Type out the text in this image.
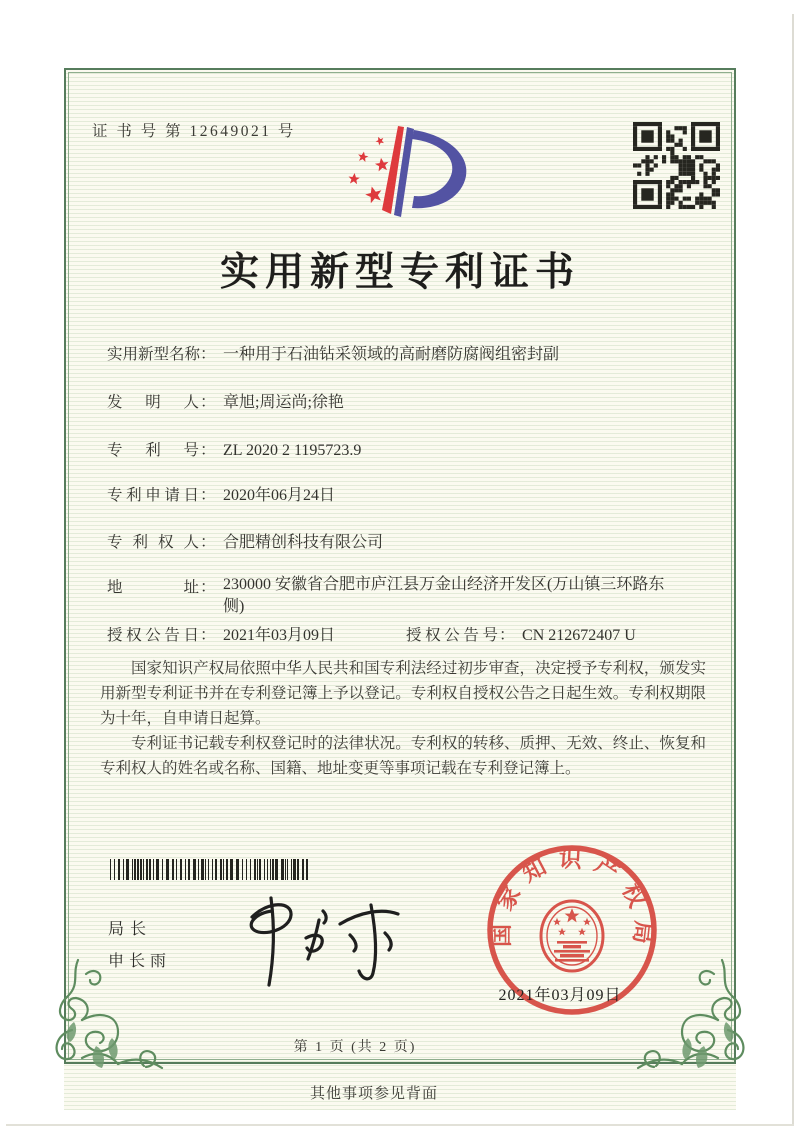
证 书 号 第 12649021 号
实用新型专利证书
实用新型名称： 一种用于石油钻采领域的高耐磨防腐阀组密封副
发明人： 章旭;周运尚;徐艳
专利号： ZL 2020 2 1195723.9
专利申请日： 2020年06月24日
专利权人： 合肥精创科技有限公司
地址： 230000 安徽省合肥市庐江县万金山经济开发区(万山镇三环路东侧)
授权公告日： 2021年03月09日	授权公告号： CN 212672407 U

国家知识产权局依照中华人民共和国专利法经过初步审查，决定授予专利权，颁发实用新型专利证书并在专利登记簿上予以登记。专利权自授权公告之日起生效。专利权期限为十年，自申请日起算。

专利证书记载专利权登记时的法律状况。专利权的转移、质押、无效、终止、恢复和专利权人的姓名或名称、国籍、地址变更等事项记载在专利登记簿上。

局长
申长雨
国家知识产权局
2021年03月09日
第 1 页 (共 2 页)
其他事项参见背面
